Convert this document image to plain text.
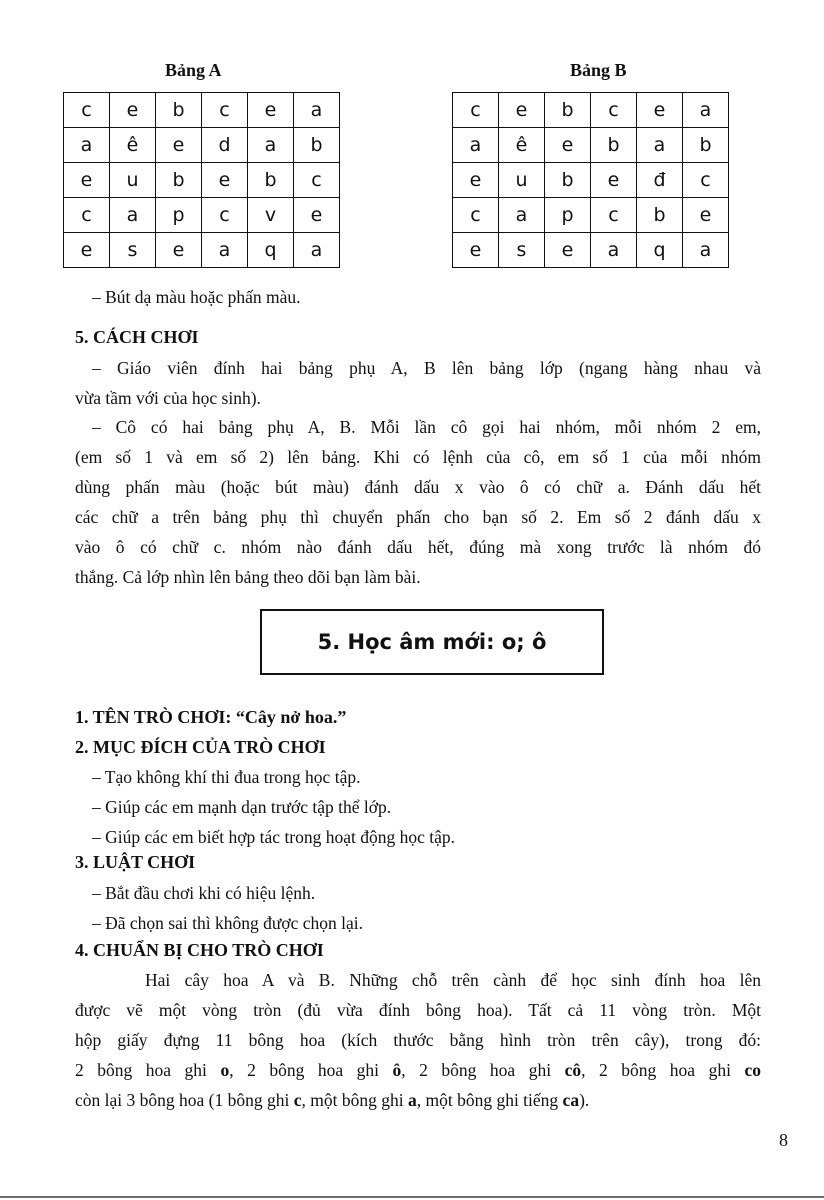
Bảng A
c	e	b	c	e	a
a	ê	e	d	a	b
e	u	b	e	b	c
c	a	p	c	v	e
e	s	e	a	q	a
Bảng B
c	e	b	c	e	a
a	ê	e	b	a	b
e	u	b	e	đ	c
c	a	p	c	b	e
e	s	e	a	q	a
– Bút dạ màu hoặc phấn màu.
5. CÁCH CHƠI
– Giáo viên đính hai bảng phụ A, B lên bảng lớp (ngang hàng nhau và
vừa tầm với của học sinh).
– Cô có hai bảng phụ A, B. Mỗi lần cô gọi hai nhóm, mỗi nhóm 2 em,
(em số 1 và em số 2) lên bảng. Khi có lệnh của cô, em số 1 của mỗi nhóm
dùng phấn màu (hoặc bút màu) đánh dấu x vào ô có chữ a. Đánh dấu hết
các chữ a trên bảng phụ thì chuyển phấn cho bạn số 2. Em số 2 đánh dấu x
vào ô có chữ c. nhóm nào đánh dấu hết, đúng mà xong trước là nhóm đó
thắng. Cả lớp nhìn lên bảng theo dõi bạn làm bài.
5. Học âm mới: o; ô
1. TÊN TRÒ CHƠI: “Cây nở hoa.”
2. MỤC ĐÍCH CỦA TRÒ CHƠI
– Tạo không khí thi đua trong học tập.
– Giúp các em mạnh dạn trước tập thể lớp.
– Giúp các em biết hợp tác trong hoạt động học tập.
3. LUẬT CHƠI
– Bắt đầu chơi khi có hiệu lệnh.
– Đã chọn sai thì không được chọn lại.
4. CHUẨN BỊ CHO TRÒ CHƠI
Hai cây hoa A và B. Những chỗ trên cành để học sinh đính hoa lên
được vẽ một vòng tròn (đủ vừa đính bông hoa). Tất cả 11 vòng tròn. Một
hộp giấy đựng 11 bông hoa (kích thước bằng hình tròn trên cây), trong đó:
2 bông hoa ghi o, 2 bông hoa ghi ô, 2 bông hoa ghi cô, 2 bông hoa ghi co
còn lại 3 bông hoa (1 bông ghi c, một bông ghi a, một bông ghi tiếng ca).
8
